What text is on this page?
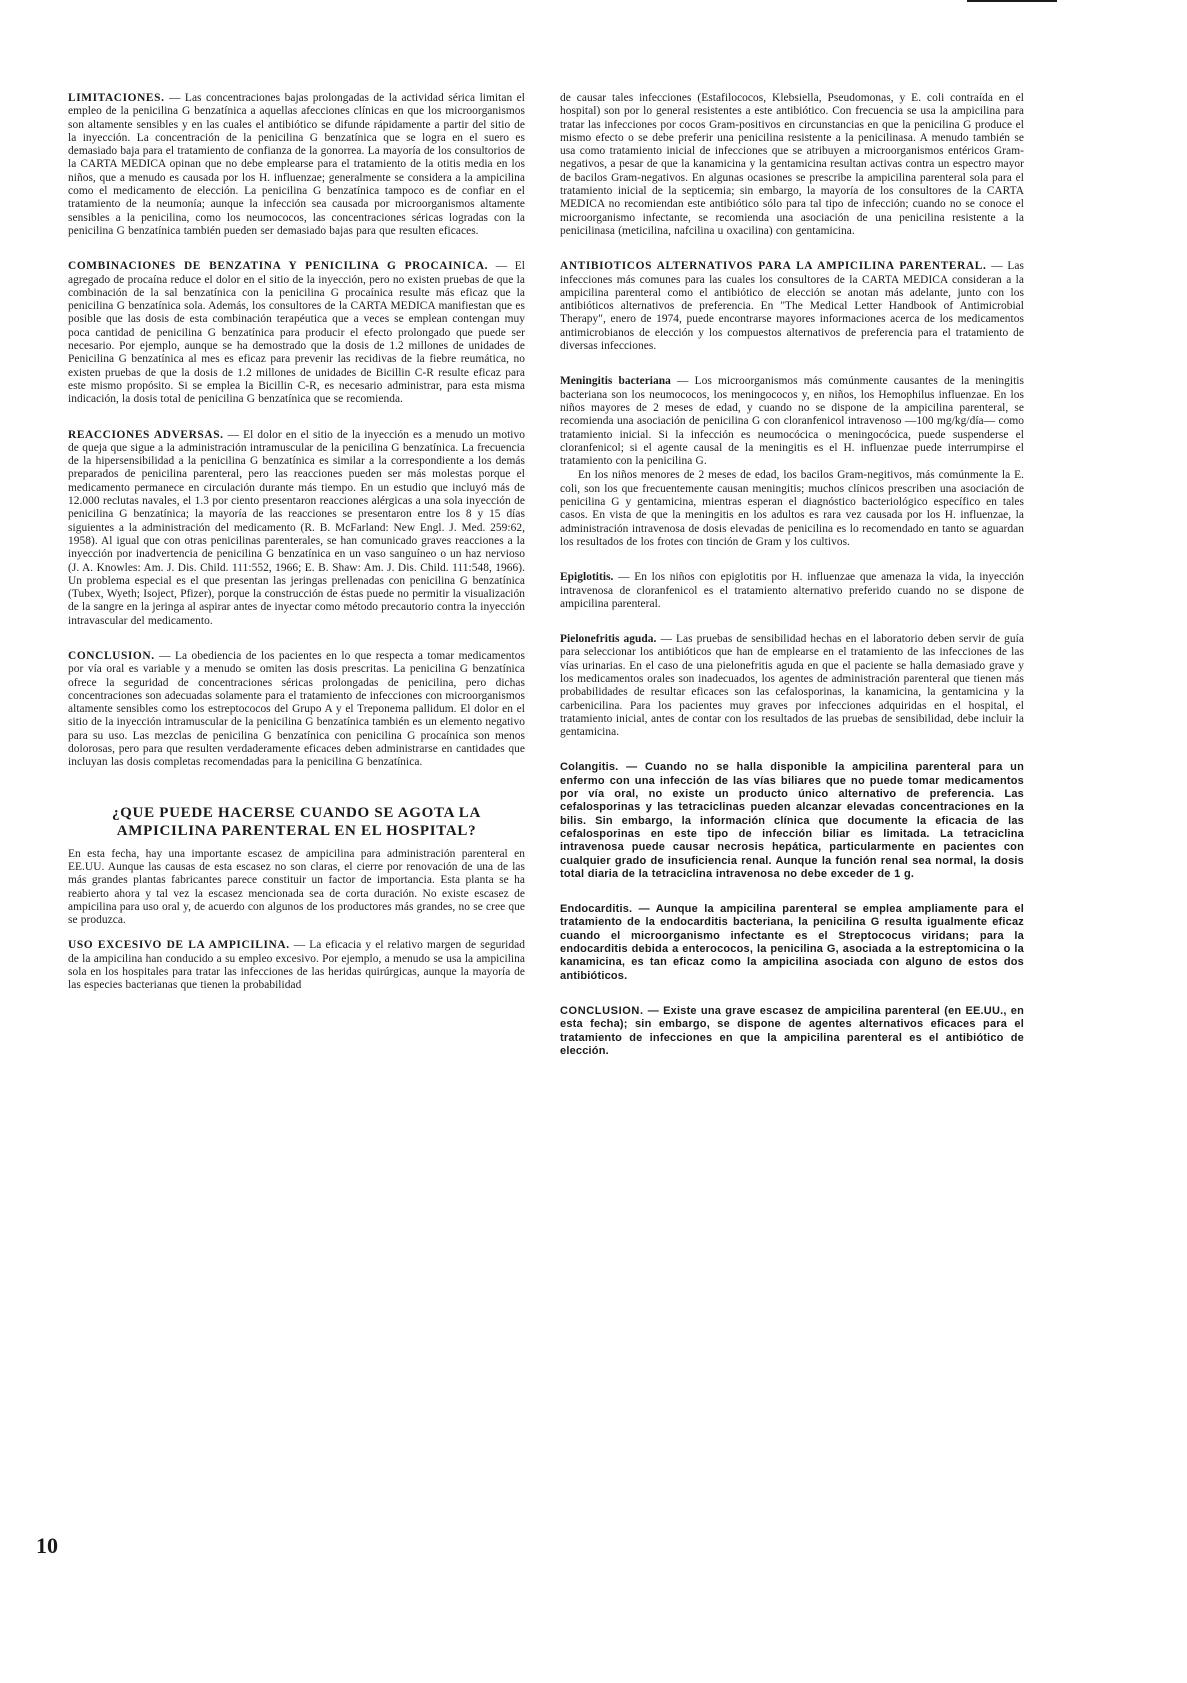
LIMITACIONES. — Las concentraciones bajas prolongadas de la actividad sérica limitan el empleo de la penicilina G benzatínica a aquellas afecciones clínicas en que los microorganismos son altamente sensibles y en las cuales el antibiótico se difunde rápidamente a partir del sitio de la inyección. La concentración de la penicilina G benzatínica que se logra en el suero es demasiado baja para el tratamiento de confianza de la gonorrea. La mayoría de los consultorios de la CARTA MEDICA opinan que no debe emplearse para el tratamiento de la otitis media en los niños, que a menudo es causada por los H. influenzae; generalmente se considera a la ampicilina como el medicamento de elección. La penicilina G benzatínica tampoco es de confiar en el tratamiento de la neumonía; aunque la infección sea causada por microorganismos altamente sensibles a la penicilina, como los neumococos, las concentraciones séricas logradas con la penicilina G benzatínica también pueden ser demasiado bajas para que resulten eficaces.

COMBINACIONES DE BENZATINA Y PENICILINA G PROCAINICA. — El agregado de procaína reduce el dolor en el sitio de la inyección, pero no existen pruebas de que la combinación de la sal benzatínica con la penicilina G procaínica resulte más eficaz que la penicilina G benzatínica sola. Además, los consultores de la CARTA MEDICA manifiestan que es posible que las dosis de esta combinación terapéutica que a veces se emplean contengan muy poca cantidad de penicilina G benzatínica para producir el efecto prolongado que puede ser necesario. Por ejemplo, aunque se ha demostrado que la dosis de 1.2 millones de unidades de Penicilina G benzatínica al mes es eficaz para prevenir las recidivas de la fiebre reumática, no existen pruebas de que la dosis de 1.2 millones de unidades de Bicillin C-R resulte eficaz para este mismo propósito. Si se emplea la Bicillin C-R, es necesario administrar, para esta misma indicación, la dosis total de penicilina G benzatínica que se recomienda.

REACCIONES ADVERSAS. — El dolor en el sitio de la inyección es a menudo un motivo de queja que sigue a la administración intramuscular de la penicilina G benzatínica. La frecuencia de la hipersensibilidad a la penicilina G benzatínica es similar a la correspondiente a los demás preparados de penicilina parenteral, pero las reacciones pueden ser más molestas porque el medicamento permanece en circulación durante más tiempo. En un estudio que incluyó más de 12.000 reclutas navales, el 1.3 por ciento presentaron reacciones alérgicas a una sola inyección de penicilina G benzatínica; la mayoría de las reacciones se presentaron entre los 8 y 15 días siguientes a la administración del medicamento (R. B. McFarland: New Engl. J. Med. 259:62, 1958). Al igual que con otras penicilinas parenterales, se han comunicado graves reacciones a la inyección por inadvertencia de penicilina G benzatínica en un vaso sanguíneo o un haz nervioso (J. A. Knowles: Am. J. Dis. Child. 111:552, 1966; E. B. Shaw: Am. J. Dis. Child. 111:548, 1966). Un problema especial es el que presentan las jeringas prellenadas con penicilina G benzatínica (Tubex, Wyeth; Isoject, Pfizer), porque la construcción de éstas puede no permitir la visualización de la sangre en la jeringa al aspirar antes de inyectar como método precautorio contra la inyección intravascular del medicamento.

CONCLUSION. — La obediencia de los pacientes en lo que respecta a tomar medicamentos por vía oral es variable y a menudo se omiten las dosis prescritas. La penicilina G benzatínica ofrece la seguridad de concentraciones séricas prolongadas de penicilina, pero dichas concentraciones son adecuadas solamente para el tratamiento de infecciones con microorganismos altamente sensibles como los estreptococos del Grupo A y el Treponema pallidum. El dolor en el sitio de la inyección intramuscular de la penicilina G benzatínica también es un elemento negativo para su uso. Las mezclas de penicilina G benzatínica con penicilina G procaínica son menos dolorosas, pero para que resulten verdaderamente eficaces deben administrarse en cantidades que incluyan las dosis completas recomendadas para la penicilina G benzatínica.

¿QUE PUEDE HACERSE CUANDO SE AGOTA LA AMPICILINA PARENTERAL EN EL HOSPITAL?

En esta fecha, hay una importante escasez de ampicilina para administración parenteral en EE.UU. Aunque las causas de esta escasez no son claras, el cierre por renovación de una de las más grandes plantas fabricantes parece constituir un factor de importancia. Esta planta se ha reabierto ahora y tal vez la escasez mencionada sea de corta duración. No existe escasez de ampicilina para uso oral y, de acuerdo con algunos de los productores más grandes, no se cree que se produzca.

USO EXCESIVO DE LA AMPICILINA. — La eficacia y el relativo margen de seguridad de la ampicilina han conducido a su empleo excesivo. Por ejemplo, a menudo se usa la ampicilina sola en los hospitales para tratar las infecciones de las heridas quirúrgicas, aunque la mayoría de las especies bacterianas que tienen la probabilidad

de causar tales infecciones (Estafilococos, Klebsiella, Pseudomonas, y E. coli contraída en el hospital) son por lo general resistentes a este antibiótico. Con frecuencia se usa la ampicilina para tratar las infecciones por cocos Gram-positivos en circunstancias en que la penicilina G produce el mismo efecto o se debe preferir una penicilina resistente a la penicilinasa. A menudo también se usa como tratamiento inicial de infecciones que se atribuyen a microorganismos entéricos Gram-negativos, a pesar de que la kanamicina y la gentamicina resultan activas contra un espectro mayor de bacilos Gram-negativos. En algunas ocasiones se prescribe la ampicilina parenteral sola para el tratamiento inicial de la septicemia; sin embargo, la mayoría de los consultores de la CARTA MEDICA no recomiendan este antibiótico sólo para tal tipo de infección; cuando no se conoce el microorganismo infectante, se recomienda una asociación de una penicilina resistente a la penicilinasa (meticilina, nafcilina u oxacilina) con gentamicina.

ANTIBIOTICOS ALTERNATIVOS PARA LA AMPICILINA PARENTERAL. — Las infecciones más comunes para las cuales los consultores de la CARTA MEDICA consideran a la ampicilina parenteral como el antibiótico de elección se anotan más adelante, junto con los antibióticos alternativos de preferencia. En "The Medical Letter Handbook of Antimicrobial Therapy", enero de 1974, puede encontrarse mayores informaciones acerca de los medicamentos antimicrobianos de elección y los compuestos alternativos de preferencia para el tratamiento de diversas infecciones.

Meningitis bacteriana — Los microorganismos más comúnmente causantes de la meningitis bacteriana son los neumococos, los meningococos y, en niños, los Hemophilus influenzae. En los niños mayores de 2 meses de edad, y cuando no se dispone de la ampicilina parenteral, se recomienda una asociación de penicilina G con cloranfenicol intravenoso —100 mg/kg/día— como tratamiento inicial. Si la infección es neumocócica o meningocócica, puede suspenderse el cloranfenicol; si el agente causal de la meningitis es el H. influenzae puede interrumpirse el tratamiento con la penicilina G.

En los niños menores de 2 meses de edad, los bacilos Gram-negitivos, más comúnmente la E. coli, son los que frecuentemente causan meningitis; muchos clínicos prescriben una asociación de penicilina G y gentamicina, mientras esperan el diagnóstico bacteriológico específico en tales casos. En vista de que la meningitis en los adultos es rara vez causada por los H. influenzae, la administración intravenosa de dosis elevadas de penicilina es lo recomendado en tanto se aguardan los resultados de los frotes con tinción de Gram y los cultivos.

Epiglotitis. — En los niños con epiglotitis por H. influenzae que amenaza la vida, la inyección intravenosa de cloranfenicol es el tratamiento alternativo preferido cuando no se dispone de ampicilina parenteral.

Pielonefritis aguda. — Las pruebas de sensibilidad hechas en el laboratorio deben servir de guía para seleccionar los antibióticos que han de emplearse en el tratamiento de las infecciones de las vías urinarias. En el caso de una pielonefritis aguda en que el paciente se halla demasiado grave y los medicamentos orales son inadecuados, los agentes de administración parenteral que tienen más probabilidades de resultar eficaces son las cefalosporinas, la kanamicina, la gentamicina y la carbenicilina. Para los pacientes muy graves por infecciones adquiridas en el hospital, el tratamiento inicial, antes de contar con los resultados de las pruebas de sensibilidad, debe incluir la gentamicina.

Colangitis. — Cuando no se halla disponible la ampicilina parenteral para un enfermo con una infección de las vías biliares que no puede tomar medicamentos por vía oral, no existe un producto único alternativo de preferencia. Las cefalosporinas y las tetraciclinas pueden alcanzar elevadas concentraciones en la bilis. Sin embargo, la información clínica que documente la eficacia de las cefalosporinas en este tipo de infección biliar es limitada. La tetraciclina intravenosa puede causar necrosis hepática, particularmente en pacientes con cualquier grado de insuficiencia renal. Aunque la función renal sea normal, la dosis total diaria de la tetraciclina intravenosa no debe exceder de 1 g.

Endocarditis. — Aunque la ampicilina parenteral se emplea ampliamente para el tratamiento de la endocarditis bacteriana, la penicilina G resulta igualmente eficaz cuando el microorganismo infectante es el Streptococus viridans; para la endocarditis debida a enterococos, la penicilina G, asociada a la estreptomicina o la kanamicina, es tan eficaz como la ampicilina asociada con alguno de estos dos antibióticos.

CONCLUSION. — Existe una grave escasez de ampicilina parenteral (en EE.UU., en esta fecha); sin embargo, se dispone de agentes alternativos eficaces para el tratamiento de infecciones en que la ampicilina parenteral es el antibiótico de elección.

10
